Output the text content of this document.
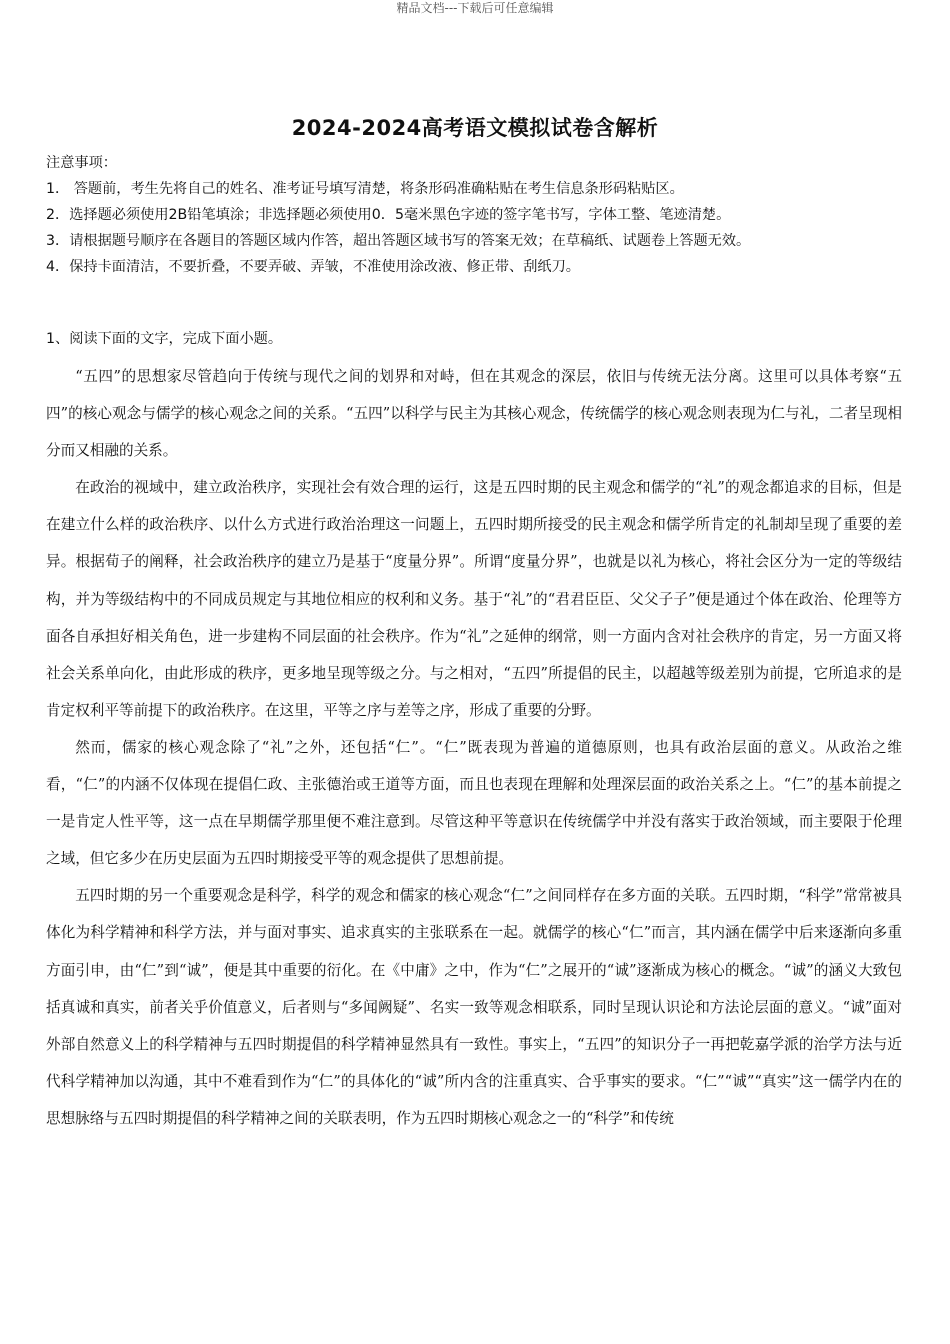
精品文档---下载后可任意编辑
2024-2024高考语文模拟试卷含解析
注意事项：
1． 答题前，考生先将自己的姓名、准考证号填写清楚，将条形码准确粘贴在考生信息条形码粘贴区。
2．选择题必须使用2B铅笔填涂；非选择题必须使用0．5毫米黑色字迹的签字笔书写，字体工整、笔迹清楚。
3．请根据题号顺序在各题目的答题区域内作答，超出答题区域书写的答案无效；在草稿纸、试题卷上答题无效。
4．保持卡面清洁，不要折叠，不要弄破、弄皱，不准使用涂改液、修正带、刮纸刀。
1、阅读下面的文字，完成下面小题。

“五四”的思想家尽管趋向于传统与现代之间的划界和对峙，但在其观念的深层，依旧与传统无法分离。这里可以具体考察“五四”的核心观念与儒学的核心观念之间的关系。“五四”以科学与民主为其核心观念，传统儒学的核心观念则表现为仁与礼，二者呈现相分而又相融的关系。

在政治的视域中，建立政治秩序，实现社会有效合理的运行，这是五四时期的民主观念和儒学的“礼”的观念都追求的目标，但是在建立什么样的政治秩序、以什么方式进行政治治理这一问题上，五四时期所接受的民主观念和儒学所肯定的礼制却呈现了重要的差异。根据荀子的阐释，社会政治秩序的建立乃是基于“度量分界”。所谓“度量分界”，也就是以礼为核心，将社会区分为一定的等级结构，并为等级结构中的不同成员规定与其地位相应的权利和义务。基于“礼”的“君君臣臣、父父子子”便是通过个体在政治、伦理等方面各自承担好相关角色，进一步建构不同层面的社会秩序。作为“礼”之延伸的纲常，则一方面内含对社会秩序的肯定，另一方面又将社会关系单向化，由此形成的秩序，更多地呈现等级之分。与之相对，“五四”所提倡的民主，以超越等级差别为前提，它所追求的是肯定权利平等前提下的政治秩序。在这里，平等之序与差等之序，形成了重要的分野。

然而，儒家的核心观念除了“礼”之外，还包括“仁”。“仁”既表现为普遍的道德原则，也具有政治层面的意义。从政治之维看，“仁”的内涵不仅体现在提倡仁政、主张德治或王道等方面，而且也表现在理解和处理深层面的政治关系之上。“仁”的基本前提之一是肯定人性平等，这一点在早期儒学那里便不难注意到。尽管这种平等意识在传统儒学中并没有落实于政治领域，而主要限于伦理之域，但它多少在历史层面为五四时期接受平等的观念提供了思想前提。

五四时期的另一个重要观念是科学，科学的观念和儒家的核心观念“仁”之间同样存在多方面的关联。五四时期，“科学”常常被具体化为科学精神和科学方法，并与面对事实、追求真实的主张联系在一起。就儒学的核心“仁”而言，其内涵在儒学中后来逐渐向多重方面引申，由“仁”到“诚”，便是其中重要的衍化。在《中庸》之中，作为“仁”之展开的“诚”逐渐成为核心的概念。“诚”的涵义大致包括真诚和真实，前者关乎价值意义，后者则与“多闻阙疑”、名实一致等观念相联系，同时呈现认识论和方法论层面的意义。“诚”面对外部自然意义上的科学精神与五四时期提倡的科学精神显然具有一致性。事实上，“五四”的知识分子一再把乾嘉学派的治学方法与近代科学精神加以沟通，其中不难看到作为“仁”的具体化的“诚”所内含的注重真实、合乎事实的要求。“仁”“诚”“真实”这一儒学内在的思想脉络与五四时期提倡的科学精神之间的关联表明，作为五四时期核心观念之一的“科学”和传统
